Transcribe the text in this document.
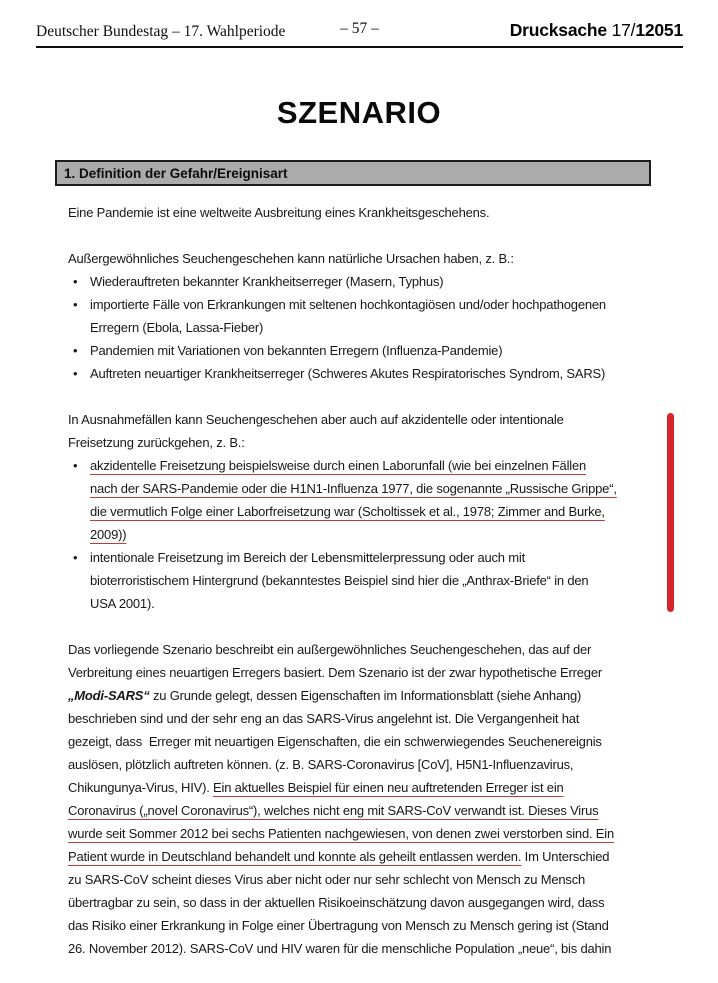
Deutscher Bundestag – 17. Wahlperiode	– 57 –	Drucksache 17/12051
SZENARIO
1. Definition der Gefahr/Ereignisart
Eine Pandemie ist eine weltweite Ausbreitung eines Krankheitsgeschehens.
Außergewöhnliches Seuchengeschehen kann natürliche Ursachen haben, z. B.:
• Wiederauftreten bekannter Krankheitserreger (Masern, Typhus)
• importierte Fälle von Erkrankungen mit seltenen hochkontagiösen und/oder hochpathogenen
Erregern (Ebola, Lassa-Fieber)
• Pandemien mit Variationen von bekannten Erregern (Influenza-Pandemie)
• Auftreten neuartiger Krankheitserreger (Schweres Akutes Respiratorisches Syndrom, SARS)
In Ausnahmefällen kann Seuchengeschehen aber auch auf akzidentelle oder intentionale
Freisetzung zurückgehen, z. B.:
• akzidentelle Freisetzung beispielsweise durch einen Laborunfall (wie bei einzelnen Fällen
nach der SARS-Pandemie oder die H1N1-Influenza 1977, die sogenannte „Russische Grippe“,
die vermutlich Folge einer Laborfreisetzung war (Scholtissek et al., 1978; Zimmer and Burke,
2009))
• intentionale Freisetzung im Bereich der Lebensmittelerpressung oder auch mit
bioterroristischem Hintergrund (bekanntestes Beispiel sind hier die „Anthrax-Briefe“ in den
USA 2001).
Das vorliegende Szenario beschreibt ein außergewöhnliches Seuchengeschehen, das auf der
Verbreitung eines neuartigen Erregers basiert. Dem Szenario ist der zwar hypothetische Erreger
„Modi-SARS“ zu Grunde gelegt, dessen Eigenschaften im Informationsblatt (siehe Anhang)
beschrieben sind und der sehr eng an das SARS-Virus angelehnt ist. Die Vergangenheit hat
gezeigt, dass  Erreger mit neuartigen Eigenschaften, die ein schwerwiegendes Seuchenereignis
auslösen, plötzlich auftreten können. (z. B. SARS-Coronavirus [CoV], H5N1-Influenzavirus,
Chikungunya-Virus, HIV). Ein aktuelles Beispiel für einen neu auftretenden Erreger ist ein
Coronavirus („novel Coronavirus“), welches nicht eng mit SARS-CoV verwandt ist. Dieses Virus
wurde seit Sommer 2012 bei sechs Patienten nachgewiesen, von denen zwei verstorben sind. Ein
Patient wurde in Deutschland behandelt und konnte als geheilt entlassen werden. Im Unterschied
zu SARS-CoV scheint dieses Virus aber nicht oder nur sehr schlecht von Mensch zu Mensch
übertragbar zu sein, so dass in der aktuellen Risikoeinschätzung davon ausgegangen wird, dass
das Risiko einer Erkrankung in Folge einer Übertragung von Mensch zu Mensch gering ist (Stand
26. November 2012). SARS-CoV und HIV waren für die menschliche Population „neue“, bis dahin
